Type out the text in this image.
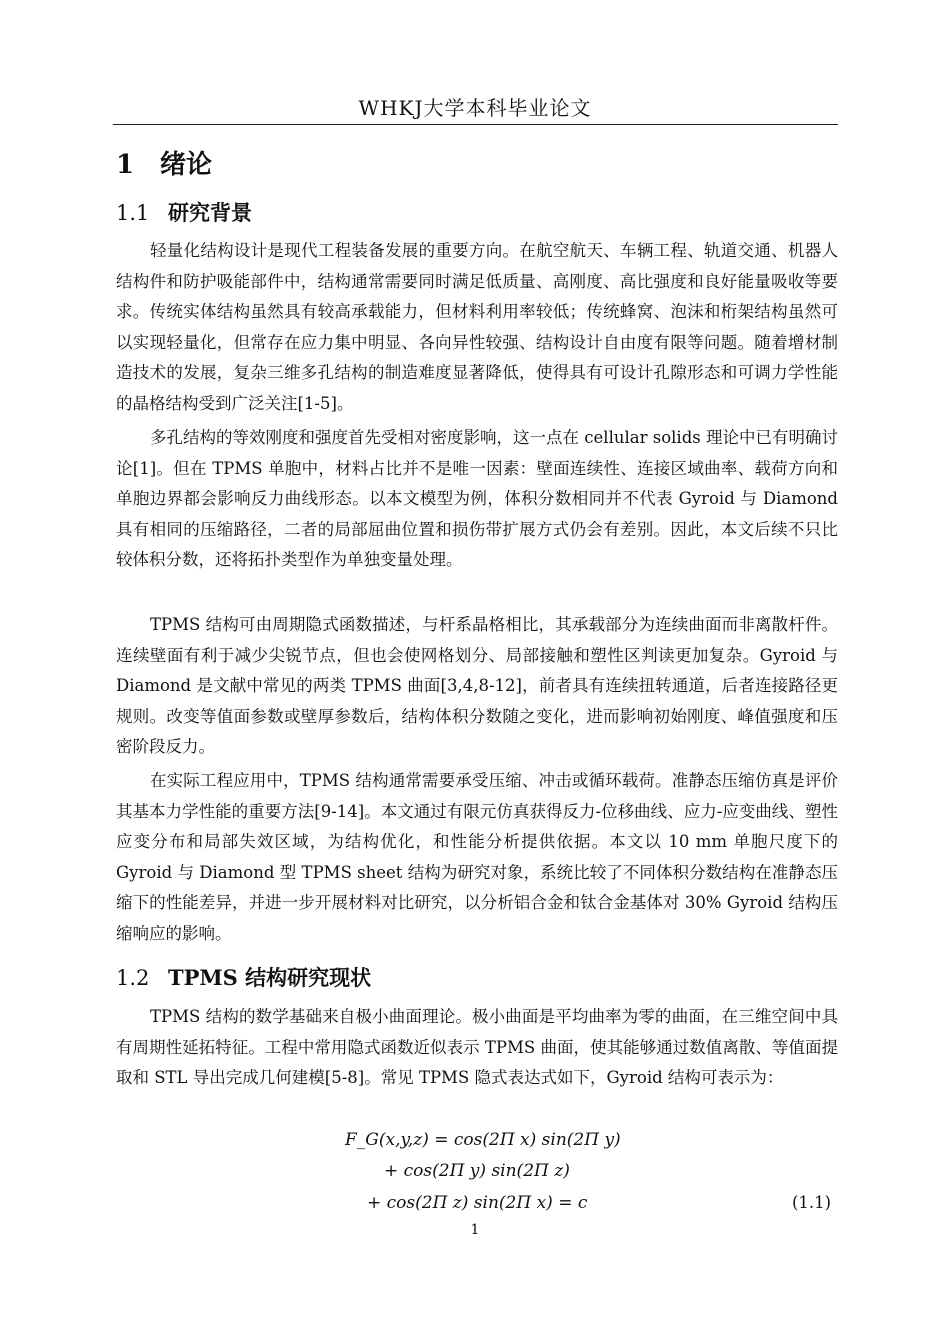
WHKJ大学本科毕业论文
1 绪论
1.1 研究背景

轻量化结构设计是现代工程装备发展的重要方向。在航空航天、车辆工程、轨道交通、机器人结构件和防护吸能部件中，结构通常需要同时满足低质量、高刚度、高比强度和良好能量吸收等要求。传统实体结构虽然具有较高承载能力，但材料利用率较低；传统蜂窝、泡沫和桁架结构虽然可以实现轻量化，但常存在应力集中明显、各向异性较强、结构设计自由度有限等问题。随着增材制造技术的发展，复杂三维多孔结构的制造难度显著降低，使得具有可设计孔隙形态和可调力学性能的晶格结构受到广泛关注[1-5]。

多孔结构的等效刚度和强度首先受相对密度影响，这一点在 cellular solids 理论中已有明确讨论[1]。但在 TPMS 单胞中，材料占比并不是唯一因素：壁面连续性、连接区域曲率、载荷方向和单胞边界都会影响反力曲线形态。以本文模型为例，体积分数相同并不代表 Gyroid 与 Diamond 具有相同的压缩路径，二者的局部屈曲位置和损伤带扩展方式仍会有差别。因此，本文后续不只比较体积分数，还将拓扑类型作为单独变量处理。

TPMS 结构可由周期隐式函数描述，与杆系晶格相比，其承载部分为连续曲面而非离散杆件。连续壁面有利于减少尖锐节点，但也会使网格划分、局部接触和塑性区判读更加复杂。Gyroid 与 Diamond 是文献中常见的两类 TPMS 曲面[3,4,8-12]，前者具有连续扭转通道，后者连接路径更规则。改变等值面参数或壁厚参数后，结构体积分数随之变化，进而影响初始刚度、峰值强度和压密阶段反力。

在实际工程应用中，TPMS 结构通常需要承受压缩、冲击或循环载荷。准静态压缩仿真是评价其基本力学性能的重要方法[9-14]。本文通过有限元仿真获得反力-位移曲线、应力-应变曲线、塑性应变分布和局部失效区域，为结构优化，和性能分析提供依据。本文以 10 mm 单胞尺度下的 Gyroid 与 Diamond 型 TPMS sheet 结构为研究对象，系统比较了不同体积分数结构在准静态压缩下的性能差异，并进一步开展材料对比研究，以分析铝合金和钛合金基体对 30% Gyroid 结构压缩响应的影响。

1.2 TPMS 结构研究现状

TPMS 结构的数学基础来自极小曲面理论。极小曲面是平均曲率为零的曲面，在三维空间中具有周期性延拓特征。工程中常用隐式函数近似表示 TPMS 曲面，使其能够通过数值离散、等值面提取和 STL 导出完成几何建模[5-8]。常见 TPMS 隐式表达式如下，Gyroid 结构可表示为：

F_G(x,y,z) = cos(2Π x) sin(2Π y)
+ cos(2Π y) sin(2Π z)
+ cos(2Π z) sin(2Π x) = c	(1.1)
1
